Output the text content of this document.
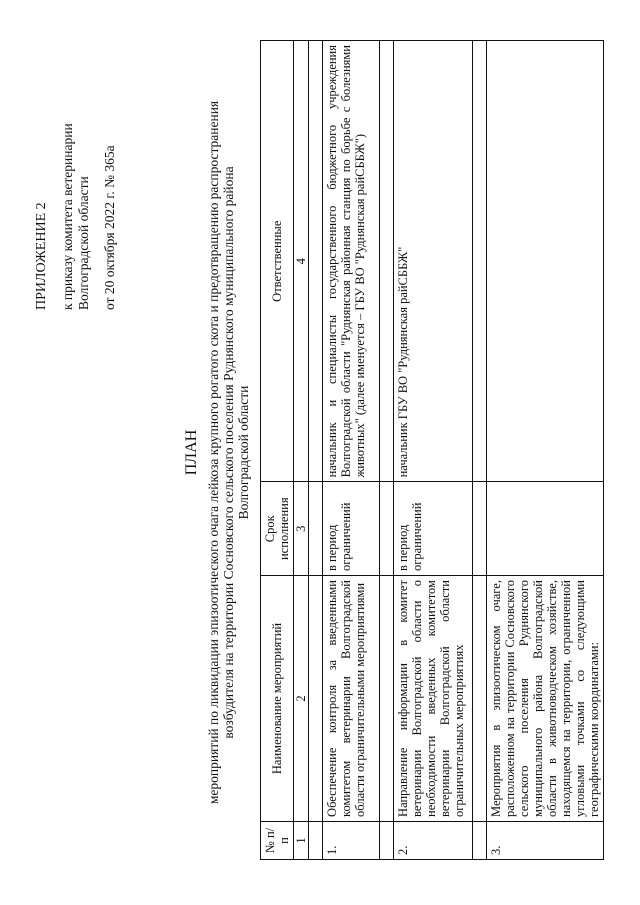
ПРИЛОЖЕНИЕ 2 к приказу комитета ветеринарии Волгоградской области от 20 октября 2022 г. № 365а
ПЛАН мероприятий по ликвидации эпизоотического очага лейкоза крупного рогатого скота и предотвращению распространения возбудителя на территории Сосновского сельского поселения Руднянского муниципального района Волгоградской области
№ п/п	Наименование мероприятий	Срок исполнения	Ответственные
1	2	3	4

1.	Обеспечение контроля за введенными комитетом ветеринарии Волгоградской области ограничительными мероприятиями	в период ограничений	начальник и специалисты государственного бюджетного учреждения Волгоградской области "Руднянская районная станция по борьбе с болезнями животных" (далее именуется – ГБУ ВО "Руднянская райСББЖ")

2.	Направление информации в комитет ветеринарии Волгоградской области о необходимости введенных комитетом ветеринарии Волгоградской области ограничительных мероприятиях	в период ограничений	начальник ГБУ ВО "Руднянская райСББЖ"

3.	Мероприятия в эпизоотическом очаге, расположенном на территории Сосновского сельского поселения Руднянского муниципального района Волгоградской области в животноводческом хозяйстве, находящемся на территории, ограниченной угловыми точками со следующими географическими координатами:		
